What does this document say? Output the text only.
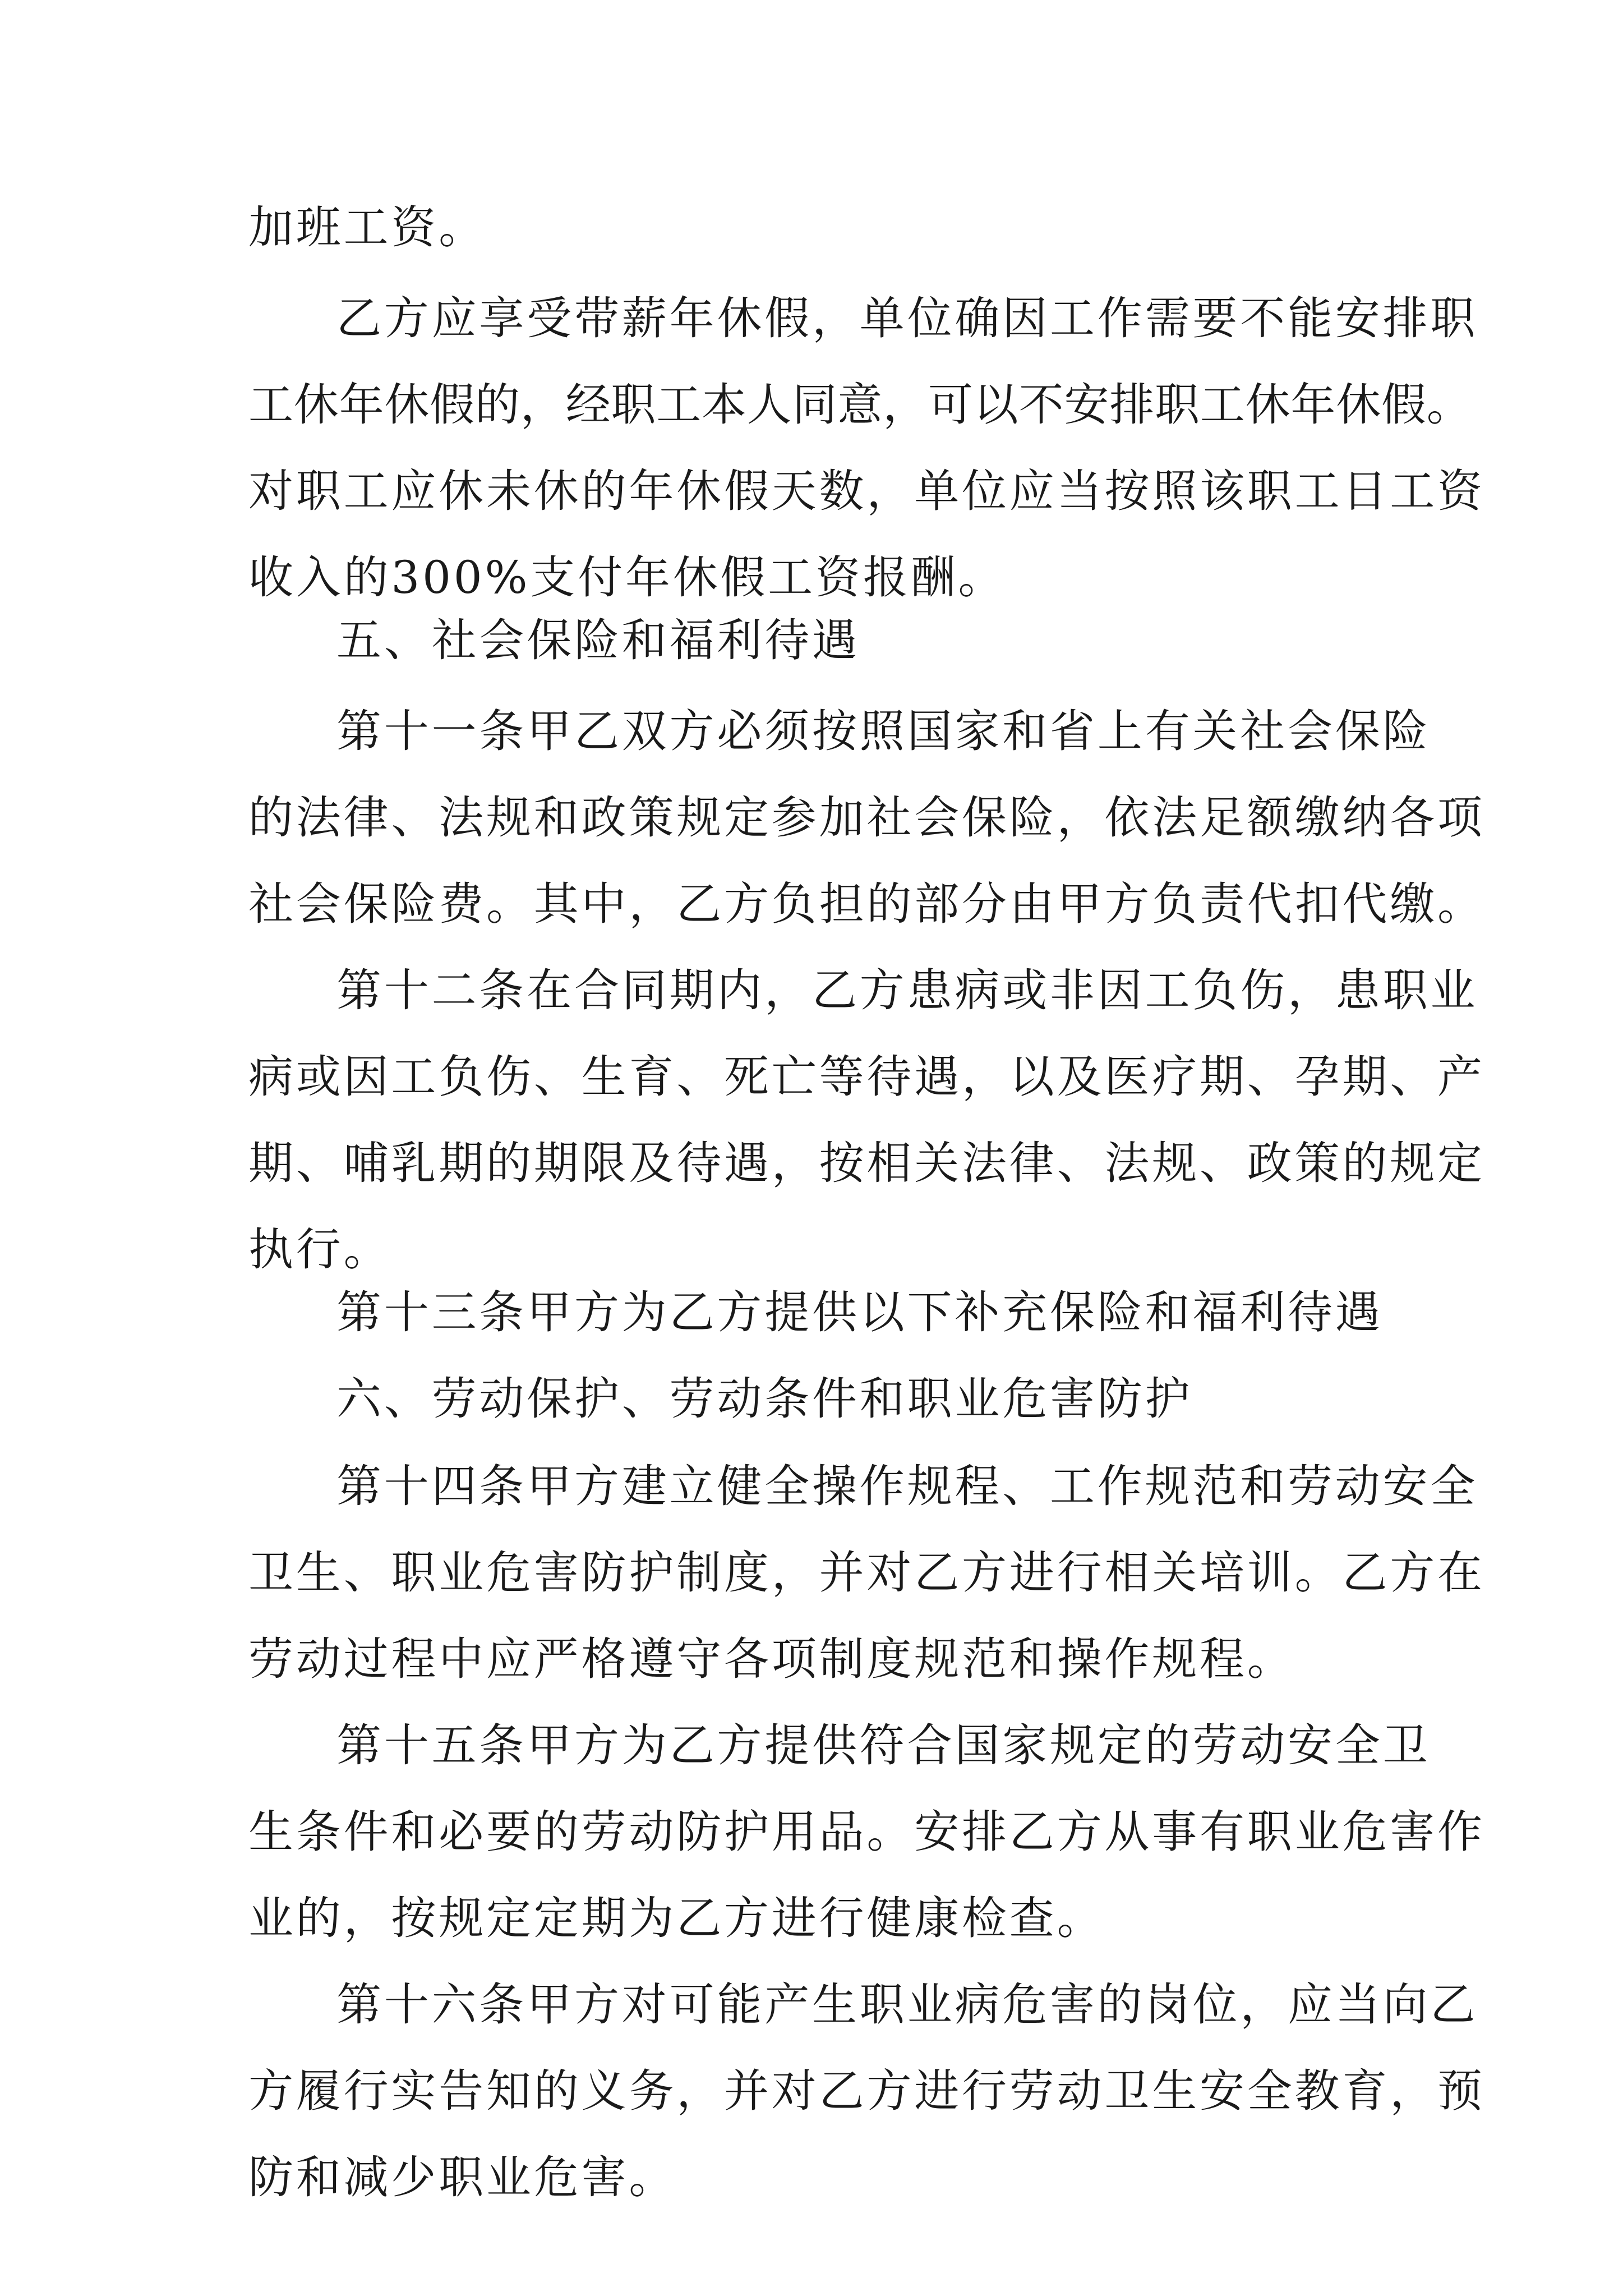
加班工资。

乙方应享受带薪年休假，单位确因工作需要不能安排职

工休年休假的，经职工本人同意，可以不安排职工休年休假。

对职工应休未休的年休假天数，单位应当按照该职工日工资

收入的300%支付年休假工资报酬。

五、社会保险和福利待遇

第十一条甲乙双方必须按照国家和省上有关社会保险

的法律、法规和政策规定参加社会保险，依法足额缴纳各项

社会保险费。其中，乙方负担的部分由甲方负责代扣代缴。

第十二条在合同期内，乙方患病或非因工负伤，患职业

病或因工负伤、生育、死亡等待遇，以及医疗期、孕期、产

期、哺乳期的期限及待遇，按相关法律、法规、政策的规定

执行。

第十三条甲方为乙方提供以下补充保险和福利待遇

六、劳动保护、劳动条件和职业危害防护

第十四条甲方建立健全操作规程、工作规范和劳动安全

卫生、职业危害防护制度，并对乙方进行相关培训。乙方在

劳动过程中应严格遵守各项制度规范和操作规程。

第十五条甲方为乙方提供符合国家规定的劳动安全卫

生条件和必要的劳动防护用品。安排乙方从事有职业危害作

业的，按规定定期为乙方进行健康检查。

第十六条甲方对可能产生职业病危害的岗位，应当向乙

方履行实告知的义务，并对乙方进行劳动卫生安全教育，预

防和减少职业危害。
